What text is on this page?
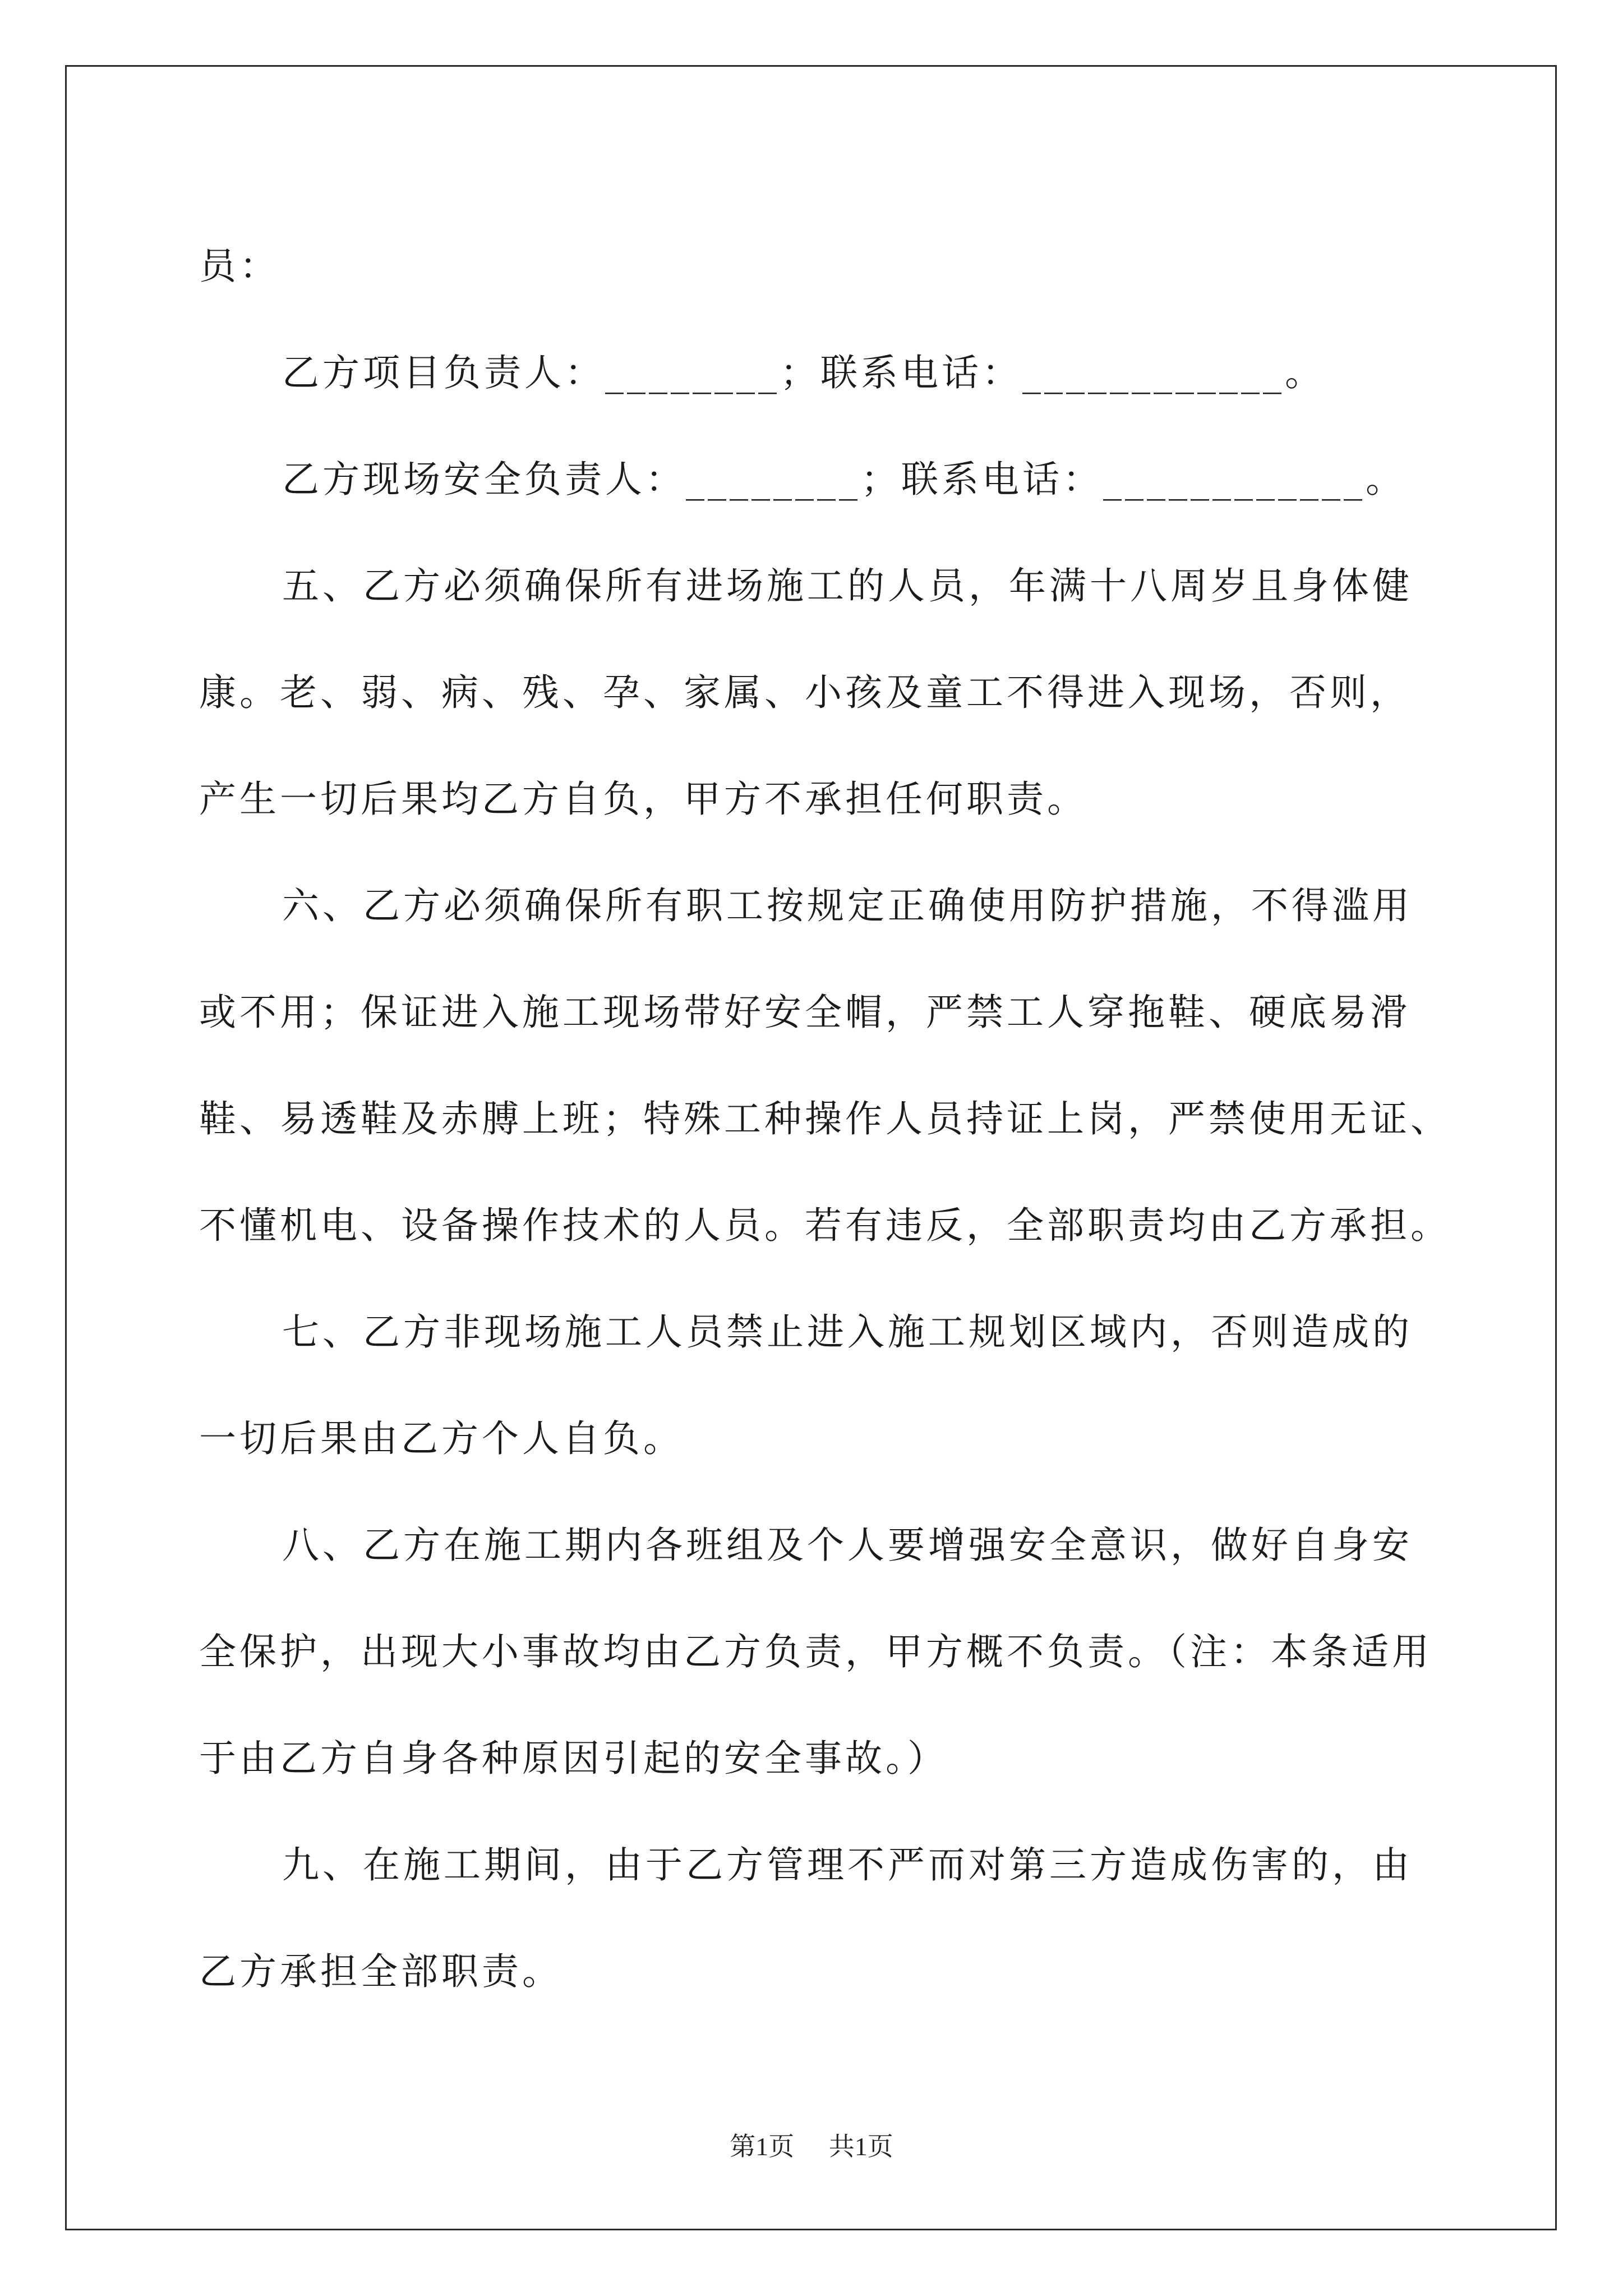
员：
乙方项目负责人：________；联系电话：____________。
乙方现场安全负责人：________；联系电话：____________。
五、乙方必须确保所有进场施工的人员，年满十八周岁且身体健
康。老、弱、病、残、孕、家属、小孩及童工不得进入现场，否则，
产生一切后果均乙方自负，甲方不承担任何职责。
六、乙方必须确保所有职工按规定正确使用防护措施，不得滥用
或不用；保证进入施工现场带好安全帽，严禁工人穿拖鞋、硬底易滑
鞋、易透鞋及赤膊上班；特殊工种操作人员持证上岗，严禁使用无证、
不懂机电、设备操作技术的人员。若有违反，全部职责均由乙方承担。
七、乙方非现场施工人员禁止进入施工规划区域内，否则造成的
一切后果由乙方个人自负。
八、乙方在施工期内各班组及个人要增强安全意识，做好自身安
全保护，出现大小事故均由乙方负责，甲方概不负责。（注：本条适用
于由乙方自身各种原因引起的安全事故。）
九、在施工期间，由于乙方管理不严而对第三方造成伤害的，由
乙方承担全部职责。
第1页 共1页
